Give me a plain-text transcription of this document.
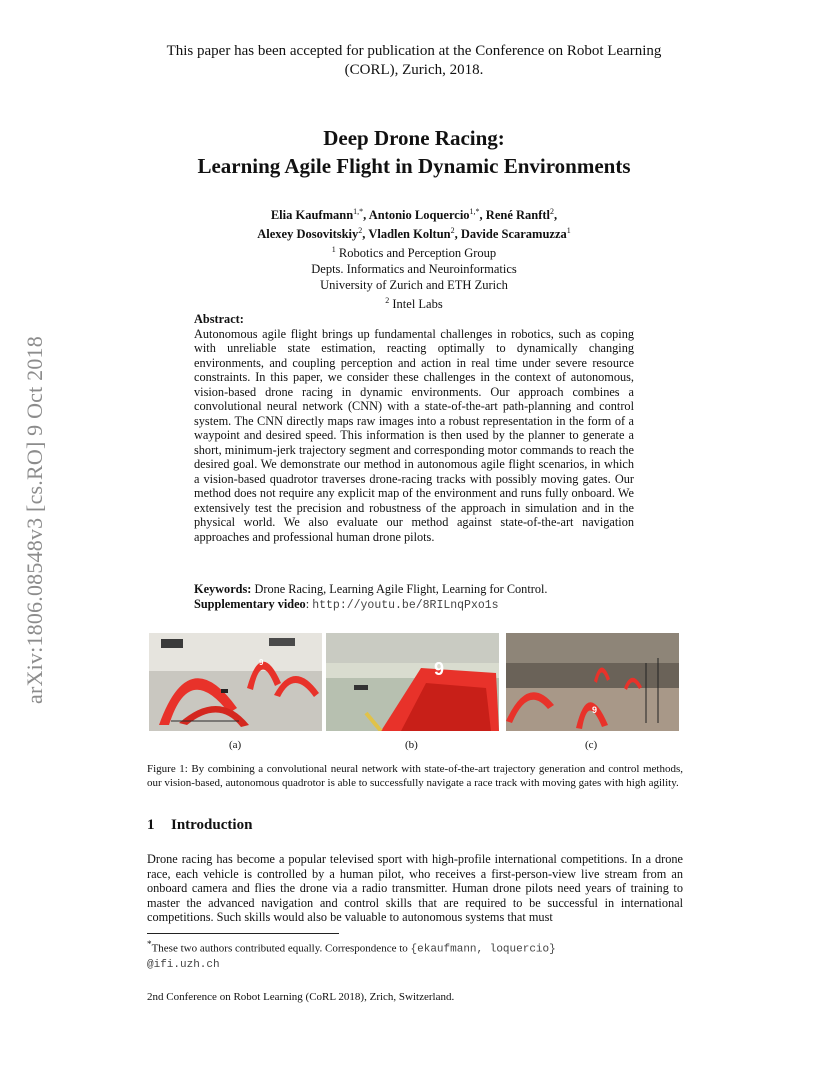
arXiv:1806.08548v3 [cs.RO] 9 Oct 2018
This paper has been accepted for publication at the Conference on Robot Learning
(CORL), Zurich, 2018.
Deep Drone Racing:
Learning Agile Flight in Dynamic Environments
Elia Kaufmann$^{1,*}$, Antonio Loquercio$^{1,*}$, René Ranftl$^2$,
Alexey Dosovitskiy$^2$, Vladlen Koltun$^2$, Davide Scaramuzza$^1$
$^1$ Robotics and Perception Group
Depts. Informatics and Neuroinformatics
University of Zurich and ETH Zurich
$^2$ Intel Labs
Abstract:
Autonomous agile flight brings up fundamental challenges in robotics, such as coping with unreliable state estimation, reacting optimally to dynamically changing environments, and coupling perception and action in real time under severe resource constraints. In this paper, we consider these challenges in the context of autonomous, vision-based drone racing in dynamic environments. Our approach combines a convolutional neural network (CNN) with a state-of-the-art path-planning and control system. The CNN directly maps raw images into a robust representation in the form of a waypoint and desired speed. This information is then used by the planner to generate a short, minimum-jerk trajectory segment and corresponding motor commands to reach the desired goal. We demonstrate our method in autonomous agile flight scenarios, in which a vision-based quadrotor traverses drone-racing tracks with possibly moving gates. Our method does not require any explicit map of the environment and runs fully onboard. We extensively test the precision and robustness of the approach in simulation and in the physical world. We also evaluate our method against state-of-the-art navigation approaches and professional human drone pilots.
Keywords: Drone Racing, Learning Agile Flight, Learning for Control.
Supplementary video: http://youtu.be/8RILnqPxo1s
9	9
9
(a)	(b)	(c)
Figure 1: By combining a convolutional neural network with state-of-the-art trajectory generation and control methods, our vision-based, autonomous quadrotor is able to successfully navigate a race track with moving gates with high agility.
1 Introduction
Drone racing has become a popular televised sport with high-profile international competitions. In a drone race, each vehicle is controlled by a human pilot, who receives a first-person-view live stream from an onboard camera and flies the drone via a radio transmitter. Human drone pilots need years of training to master the advanced navigation and control skills that are required to be successful in international competitions. Such skills would also be valuable to autonomous systems that must
*These two authors contributed equally. Correspondence to {ekaufmann, loquercio}
@ifi.uzh.ch
2nd Conference on Robot Learning (CoRL 2018), Zrich, Switzerland.
